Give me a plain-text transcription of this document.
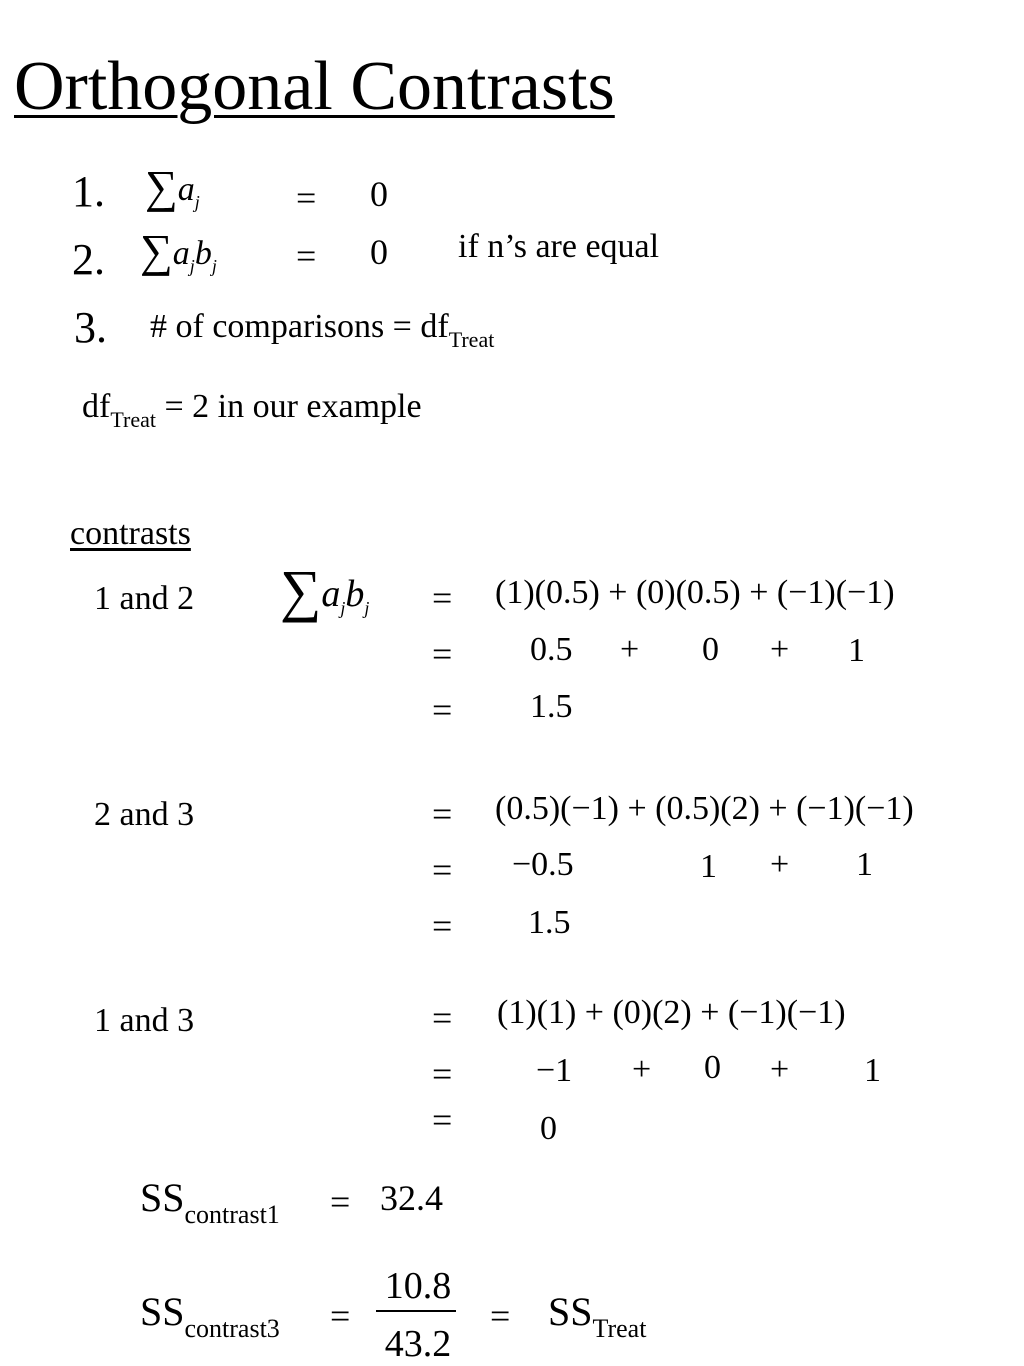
Orthogonal Contrasts
1. $\sum a_j$	= 0
2. $\sum a_jb_j = 0$ if n’s are equal
3. # of comparisons = $df_{Treat}$
$df_{Treat} = 2$ in our example
contrasts
1 and 2 $\sum a_jb_j = (1)(0.5) + (0)(0.5) + (-1)(-1)$
= 0.5 + 0 + 1
= 1.5
2 and 3	= (0.5)(−1) + (0.5)(2) + (−1)(−1)
= −0.5	1 + 1
= 1.5
1 and 3	= (1)(1) + (0)(2) + (−1)(−1)
= −1 + 0 + 1
=	0
$SS_{contrast1} = 32.4$
$SS_{contrast3}$ =
10.8
43.2
= $SS_{Treat}$
